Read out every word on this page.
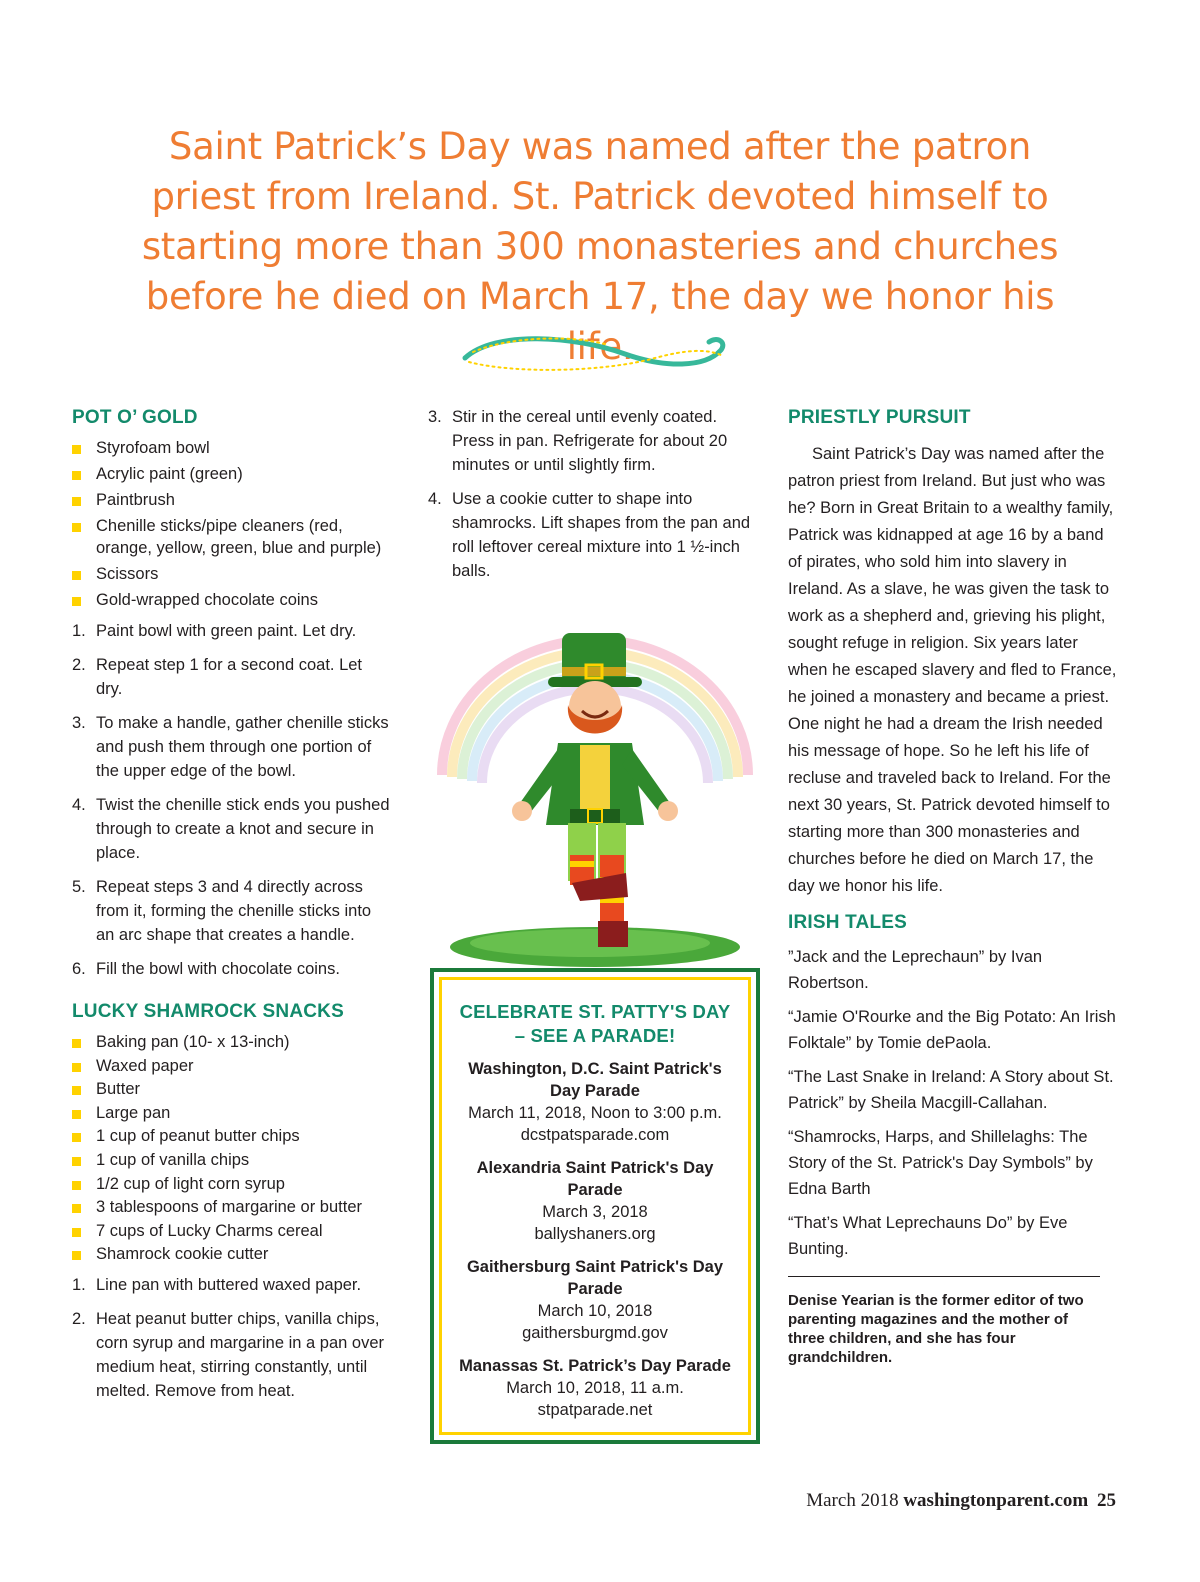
Saint Patrick’s Day was named after the patron priest from Ireland. St. Patrick devoted himself to starting more than 300 monasteries and churches before he died on March 17, the day we honor his life.
POT O’ GOLD
Styrofoam bowl
Acrylic paint (green)
Paintbrush
Chenille sticks/pipe cleaners (red, orange, yellow, green, blue and purple)
Scissors
Gold-wrapped chocolate coins
1. Paint bowl with green paint. Let dry.
2. Repeat step 1 for a second coat. Let dry.
3. To make a handle, gather chenille sticks and push them through one portion of the upper edge of the bowl.
4. Twist the chenille stick ends you pushed through to create a knot and secure in place.
5. Repeat steps 3 and 4 directly across from it, forming the chenille sticks into an arc shape that creates a handle.
6. Fill the bowl with chocolate coins.
LUCKY SHAMROCK SNACKS
Baking pan (10- x 13-inch)
Waxed paper
Butter
Large pan
1 cup of peanut butter chips
1 cup of vanilla chips
1/2 cup of light corn syrup
3 tablespoons of margarine or butter
7 cups of Lucky Charms cereal
Shamrock cookie cutter
1. Line pan with buttered waxed paper.
2. Heat peanut butter chips, vanilla chips, corn syrup and margarine in a pan over medium heat, stirring constantly, until melted. Remove from heat.
3. Stir in the cereal until evenly coated. Press in pan. Refrigerate for about 20 minutes or until slightly firm.
4. Use a cookie cutter to shape into shamrocks. Lift shapes from the pan and roll leftover cereal mixture into 1 ½-inch balls.
CELEBRATE ST. PATTY'S DAY – SEE A PARADE!
Washington, D.C. Saint Patrick's Day Parade
March 11, 2018, Noon to 3:00 p.m.
dcstpatsparade.com
Alexandria Saint Patrick's Day Parade
March 3, 2018
ballyshaners.org
Gaithersburg Saint Patrick's Day Parade
March 10, 2018
gaithersburgmd.gov
Manassas St. Patrick’s Day Parade
March 10, 2018, 11 a.m.
stpatparade.net
PRIESTLY PURSUIT

Saint Patrick’s Day was named after the patron priest from Ireland. But just who was he? Born in Great Britain to a wealthy family, Patrick was kidnapped at age 16 by a band of pirates, who sold him into slavery in Ireland. As a slave, he was given the task to work as a shepherd and, grieving his plight, sought refuge in religion. Six years later when he escaped slavery and fled to France, he joined a monastery and became a priest. One night he had a dream the Irish needed his message of hope. So he left his life of recluse and traveled back to Ireland. For the next 30 years, St. Patrick devoted himself to starting more than 300 monasteries and churches before he died on March 17, the day we honor his life.

IRISH TALES

”Jack and the Leprechaun” by Ivan Robertson.

“Jamie O'Rourke and the Big Potato: An Irish Folktale” by Tomie dePaola.

“The Last Snake in Ireland: A Story about St. Patrick” by Sheila Macgill-Callahan.

“Shamrocks, Harps, and Shillelaghs: The Story of the St. Patrick's Day Symbols” by Edna Barth

“That’s What Leprechauns Do” by Eve Bunting.

Denise Yearian is the former editor of two parenting magazines and the mother of three children, and she has four grandchildren.

March 2018 washingtonparent.com 25
